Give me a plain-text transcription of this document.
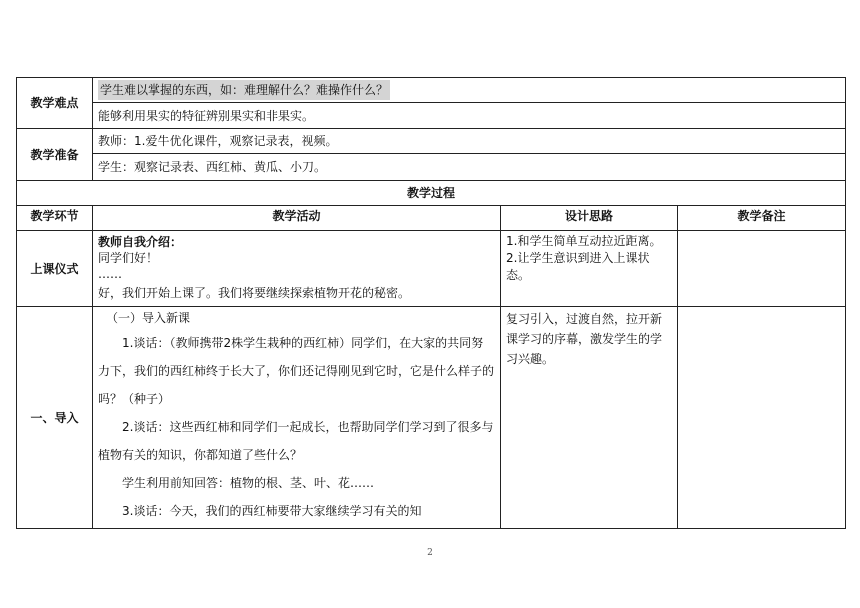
教学难点	学生难以掌握的东西，如：难理解什么？难操作什么？		
	能够利用果实的特征辨别果实和非果实。		
教学准备	教师：1.爱牛优化课件，观察记录表，视频。		
	学生：观察记录表、西红柿、黄瓜、小刀。		
教学过程			
教学环节	教学活动	设计思路	教学备注
上课仪式	教师自我介绍：
同学们好！
……
好，我们开始上课了。我们将要继续探索植物开花的秘密。	1.和学生简单互动拉近距离。2.让学生意识到进入上课状态。	
一、导入	（一）导入新课
1.谈话：（教师携带2株学生栽种的西红柿）同学们，在大家的共同努力下，我们的西红柿终于长大了，你们还记得刚见到它时，它是什么样子的吗？（种子）
2.谈话：这些西红柿和同学们一起成长，也帮助同学们学习到了很多与植物有关的知识，你都知道了些什么？
学生利用前知回答：植物的根、茎、叶、花……
3.谈话：今天，我们的西红柿要带大家继续学习有关的知	复习引入，过渡自然，拉开新课学习的序幕，激发学生的学习兴趣。	
2
